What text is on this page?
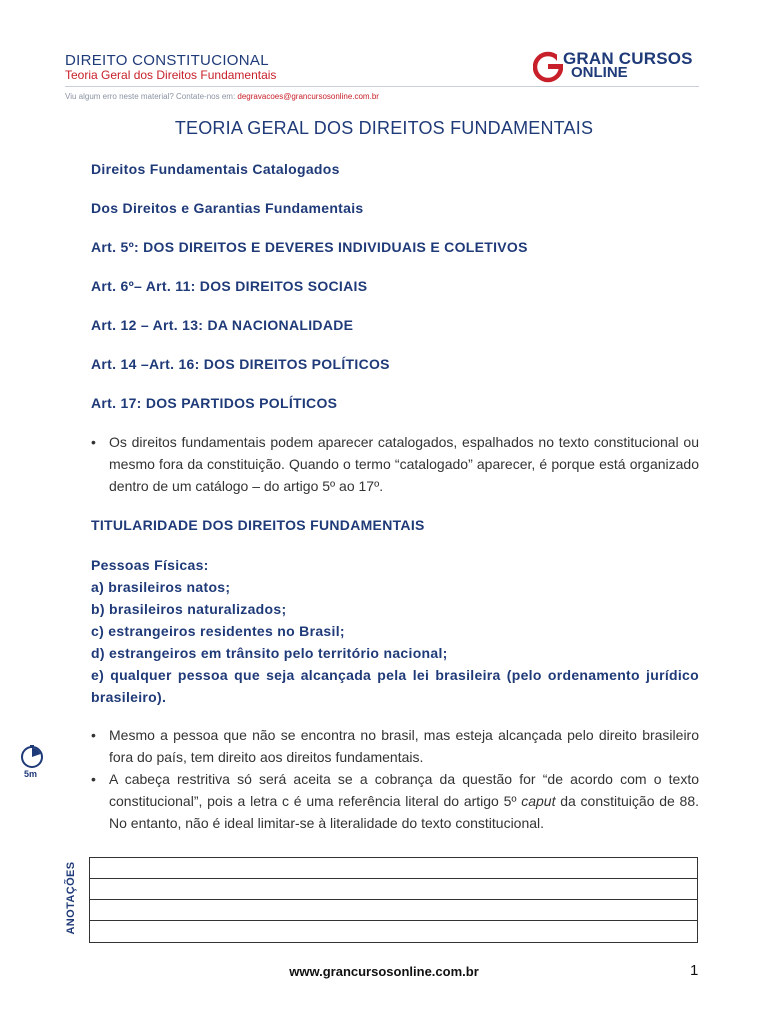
DIREITO CONSTITUCIONAL
Teoria Geral dos Direitos Fundamentais
GRAN CURSOS
ONLINE
Viu algum erro neste material? Contate-nos em: degravacoes@grancursosonline.com.br
TEORIA GERAL DOS DIREITOS FUNDAMENTAIS
Direitos Fundamentais Catalogados
Dos Direitos e Garantias Fundamentais
Art. 5º: DOS DIREITOS E DEVERES INDIVIDUAIS E COLETIVOS
Art. 6º– Art. 11: DOS DIREITOS SOCIAIS
Art. 12 – Art. 13: DA NACIONALIDADE
Art. 14 –Art. 16: DOS DIREITOS POLÍTICOS
Art. 17: DOS PARTIDOS POLÍTICOS
• Os direitos fundamentais podem aparecer catalogados, espalhados no texto constitucional ou mesmo fora da constituição. Quando o termo “catalogado” aparecer, é porque está organizado dentro de um catálogo – do artigo 5º ao 17º.
TITULARIDADE DOS DIREITOS FUNDAMENTAIS
Pessoas Físicas:
a) brasileiros natos;
b) brasileiros naturalizados;
c) estrangeiros residentes no Brasil;
d) estrangeiros em trânsito pelo território nacional;
e) qualquer pessoa que seja alcançada pela lei brasileira (pelo ordenamento jurídico brasileiro).
• Mesmo a pessoa que não se encontra no brasil, mas esteja alcançada pelo direito brasileiro fora do país, tem direito aos direitos fundamentais.
• A cabeça restritiva só será aceita se a cobrança da questão for “de acordo com o texto constitucional”, pois a letra c é uma referência literal do artigo 5º caput da constituição de 88. No entanto, não é ideal limitar-se à literalidade do texto constitucional.
5m
ANOTAÇÕES
www.grancursosonline.com.br	1
